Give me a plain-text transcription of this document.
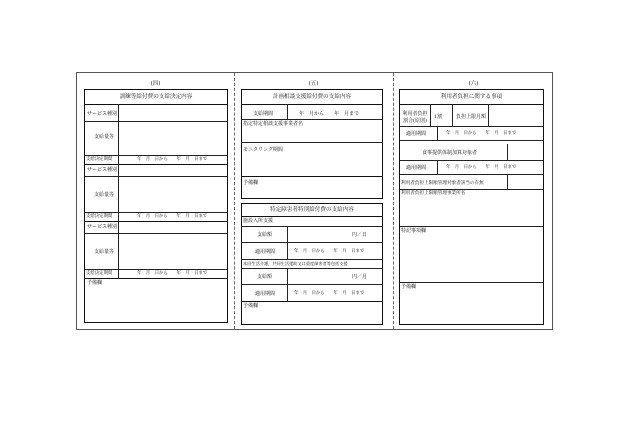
(四)	(五)	(六)
訓練等給付費の支給決定内容
サービス種別
支給量等
支給決定期間	年　月　日から　　年　月　日まで
サービス種別
支給量等
支給決定期間	年　月　日から　　年　月　日まで
サービス種別
支給量等
支給決定期間	年　月　日から　　年　月　日まで
予備欄
計画相談支援給付費の支給内容
支給期間	年　月から　　年　月まで
指定特定相談支援事業者名
モニタリング期間
予備欄
特定障害者特別給付費の支給内容
施設入所支援
支給額	円／日
適用期間	年　月　日から　　年　月　日まで
本回生活介護，共同生活援助又は重度障害者等包括支援
支給額	円／月
適用期間	年　月　日から　　年　月　日まで
予備欄
利用者負担に関する事項
利用者負担割合(原則)
1割	負担上限月額
適用期間	年　月　日から　　年　月　日まで
食事提供体制加算対象者
適用期間	年　月　日から　　年　月　日まで
利用者負担上限額管理対象者該当の有無
利用者負担上限額管理事業所名
特記事項欄
予備欄
